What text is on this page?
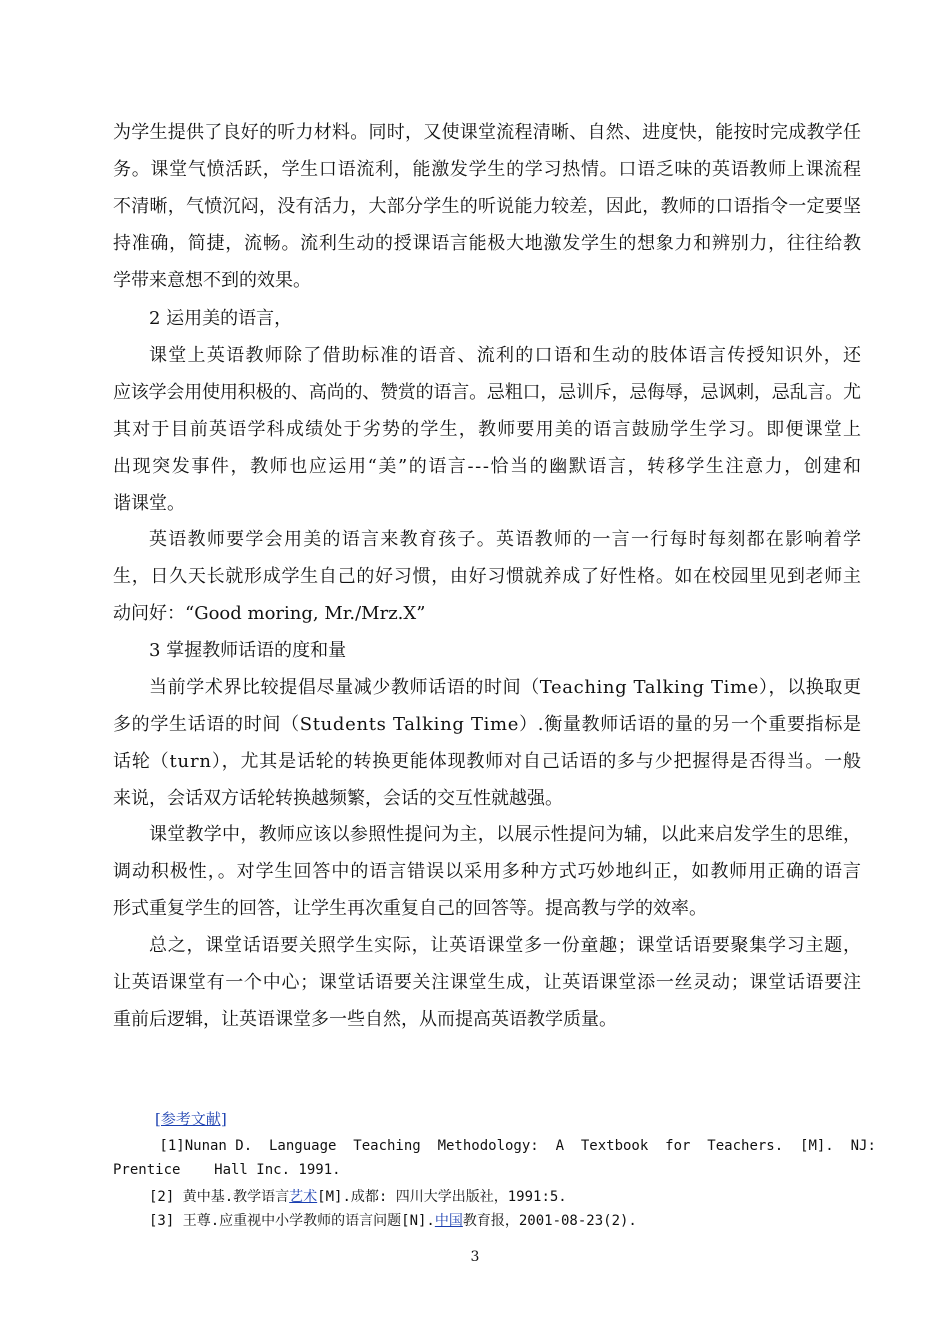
为学生提供了良好的听力材料。同时，又使课堂流程清晰、自然、进度快，能按时完成教学任
务。课堂气愤活跃，学生口语流利，能激发学生的学习热情。口语乏味的英语教师上课流程
不清晰，气愤沉闷，没有活力，大部分学生的听说能力较差，因此，教师的口语指令一定要坚
持准确，简捷，流畅。流利生动的授课语言能极大地激发学生的想象力和辨别力，往往给教
学带来意想不到的效果。
2 运用美的语言，
课堂上英语教师除了借助标准的语音、流利的口语和生动的肢体语言传授知识外，还
应该学会用使用积极的、高尚的、赞赏的语言。忌粗口，忌训斥，忌侮辱，忌讽刺，忌乱言。尤
其对于目前英语学科成绩处于劣势的学生，教师要用美的语言鼓励学生学习。即便课堂上
出现突发事件，教师也应运用“美”的语言---恰当的幽默语言，转移学生注意力，创建和
谐课堂。
英语教师要学会用美的语言来教育孩子。英语教师的一言一行每时每刻都在影响着学
生，日久天长就形成学生自己的好习惯，由好习惯就养成了好性格。如在校园里见到老师主
动问好：“Good moring, Mr./Mrz.X”
3 掌握教师话语的度和量
当前学术界比较提倡尽量减少教师话语的时间（Teaching Talking Time），以换取更
多的学生话语的时间（Students Talking Time）.衡量教师话语的量的另一个重要指标是
话轮（turn），尤其是话轮的转换更能体现教师对自己话语的多与少把握得是否得当。一般
来说，会话双方话轮转换越频繁，会话的交互性就越强。
课堂教学中，教师应该以参照性提问为主，以展示性提问为辅，以此来启发学生的思维，
调动积极性，。对学生回答中的语言错误以采用多种方式巧妙地纠正，如教师用正确的语言
形式重复学生的回答，让学生再次重复自己的回答等。提高教与学的效率。
总之，课堂话语要关照学生实际，让英语课堂多一份童趣；课堂话语要聚集学习主题，
让英语课堂有一个中心；课堂话语要关注课堂生成，让英语课堂添一丝灵动；课堂话语要注
重前后逻辑，让英语课堂多一些自然，从而提高英语教学质量。
[参考文献]
[1]Nunan D.  Language  Teaching  Methodology:  A  Textbook  for  Teachers.  [M].  NJ:
Prentice    Hall Inc. 1991.
[2] 黄中基.教学语言艺术[M].成都: 四川大学出版社，1991:5.
[3] 王尊.应重视中小学教师的语言问题[N].中国教育报，2001-08-23(2).
3
